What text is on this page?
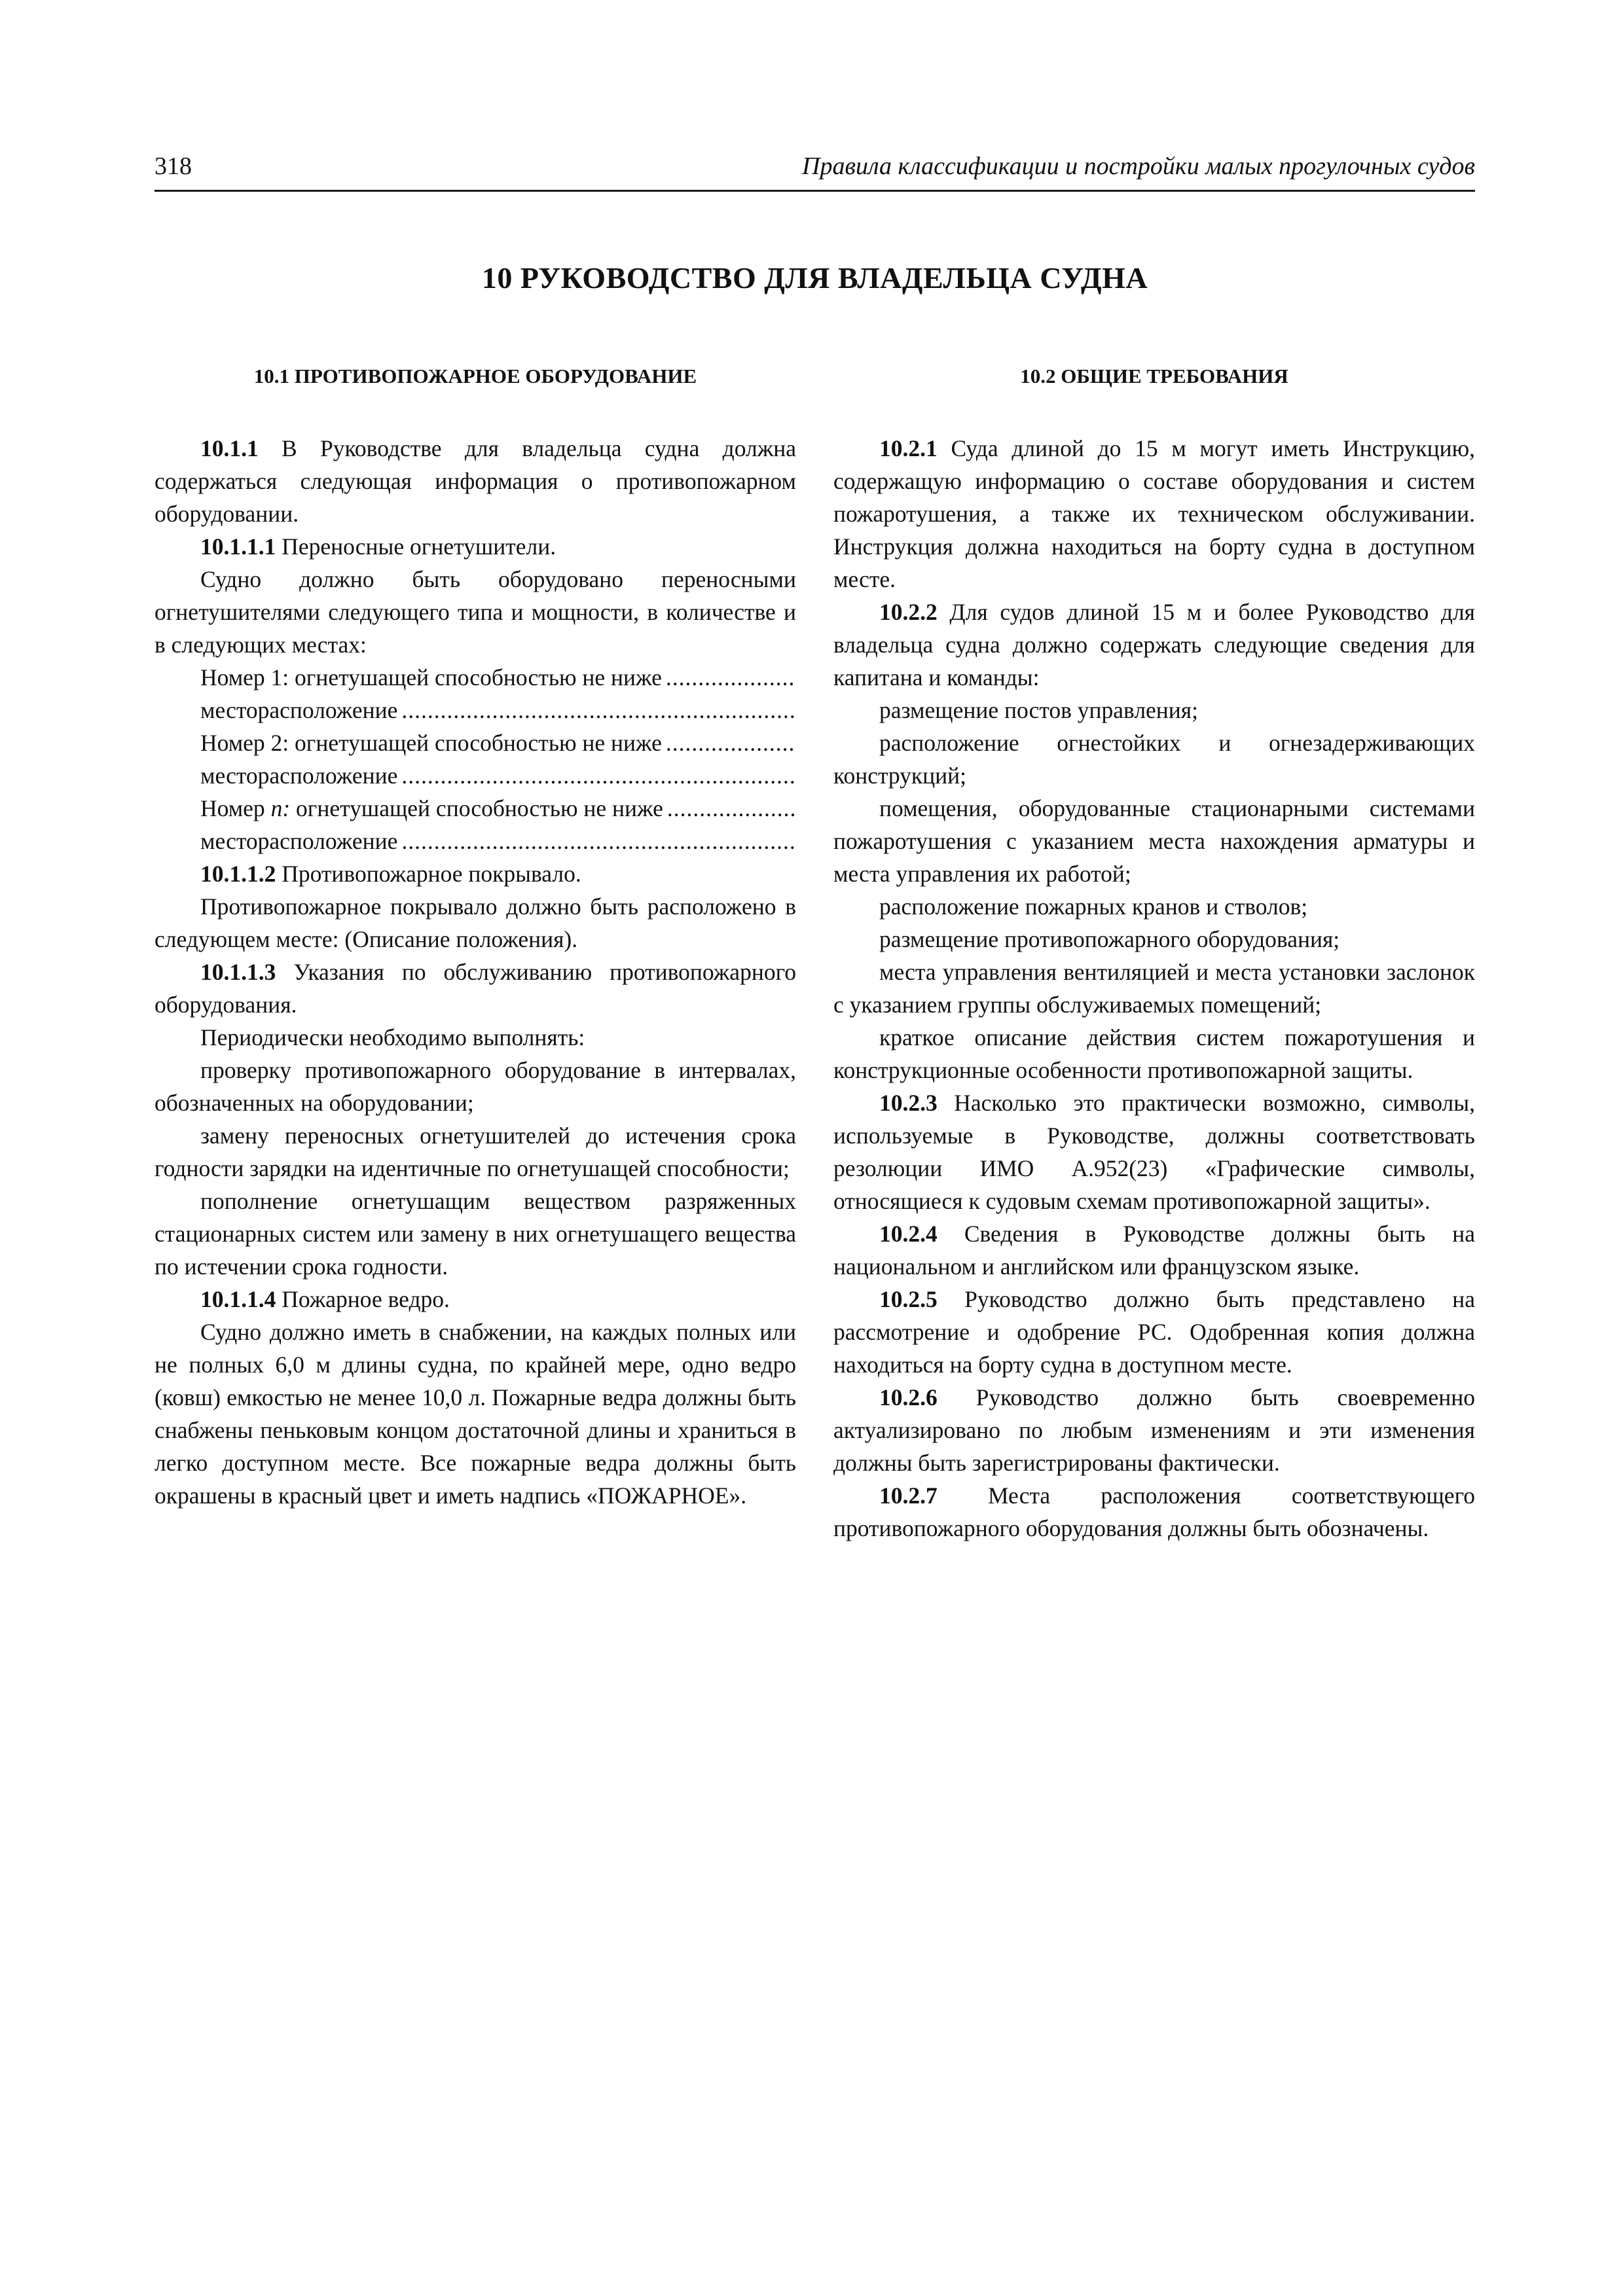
318	Правила классификации и постройки малых прогулочных судов
10 РУКОВОДСТВО ДЛЯ ВЛАДЕЛЬЦА СУДНА
10.1 ПРОТИВОПОЖАРНОЕ ОБОРУДОВАНИЕ

10.1.1 В Руководстве для владельца судна должна содержаться следующая информация о противопожарном оборудовании.

10.1.1.1 Переносные огнетушители.

Судно должно быть оборудовано переносными огнетушителями следующего типа и мощности, в количестве и в следующих местах:

Номер 1: огнетушащей способностью не ниже
.....
месторасположение
.....
Номер 2: огнетушащей способностью не ниже
.....
месторасположение
.....
Номер n: огнетушащей способностью не ниже
.....
месторасположение
.....

10.1.1.2 Противопожарное покрывало.

Противопожарное покрывало должно быть расположено в следующем месте: (Описание положения).

10.1.1.3 Указания по обслуживанию противопожарного оборудования.

Периодически необходимо выполнять:

проверку противопожарного оборудование в интервалах, обозначенных на оборудовании;

замену переносных огнетушителей до истечения срока годности зарядки на идентичные по огнетушащей способности;

пополнение огнетушащим веществом разряженных стационарных систем или замену в них огнетушащего вещества по истечении срока годности.

10.1.1.4 Пожарное ведро.

Судно должно иметь в снабжении, на каждых полных или не полных 6,0 м длины судна, по крайней мере, одно ведро (ковш) емкостью не менее 10,0 л. Пожарные ведра должны быть снабжены пеньковым концом достаточной длины и храниться в легко доступном месте. Все пожарные ведра должны быть окрашены в красный цвет и иметь надпись «ПОЖАРНОЕ».

10.2 ОБЩИЕ ТРЕБОВАНИЯ

10.2.1 Суда длиной до 15 м могут иметь Инструкцию, содержащую информацию о составе оборудования и систем пожаротушения, а также их техническом обслуживании. Инструкция должна находиться на борту судна в доступном месте.

10.2.2 Для судов длиной 15 м и более Руководство для владельца судна должно содержать следующие сведения для капитана и команды:

размещение постов управления;

расположение огнестойких и огнезадерживающих конструкций;

помещения, оборудованные стационарными системами пожаротушения с указанием места нахождения арматуры и места управления их работой;

расположение пожарных кранов и стволов;

размещение противопожарного оборудования;

места управления вентиляцией и места установки заслонок с указанием группы обслуживаемых помещений;

краткое описание действия систем пожаротушения и конструкционные особенности противопожарной защиты.

10.2.3 Насколько это практически возможно, символы, используемые в Руководстве, должны соответствовать резолюции ИМО А.952(23) «Графические символы, относящиеся к судовым схемам противопожарной защиты».

10.2.4 Сведения в Руководстве должны быть на национальном и английском или французском языке.

10.2.5 Руководство должно быть представлено на рассмотрение и одобрение РС. Одобренная копия должна находиться на борту судна в доступном месте.

10.2.6 Руководство должно быть своевременно актуализировано по любым изменениям и эти изменения должны быть зарегистрированы фактически.

10.2.7 Места расположения соответствующего противопожарного оборудования должны быть обозначены.
